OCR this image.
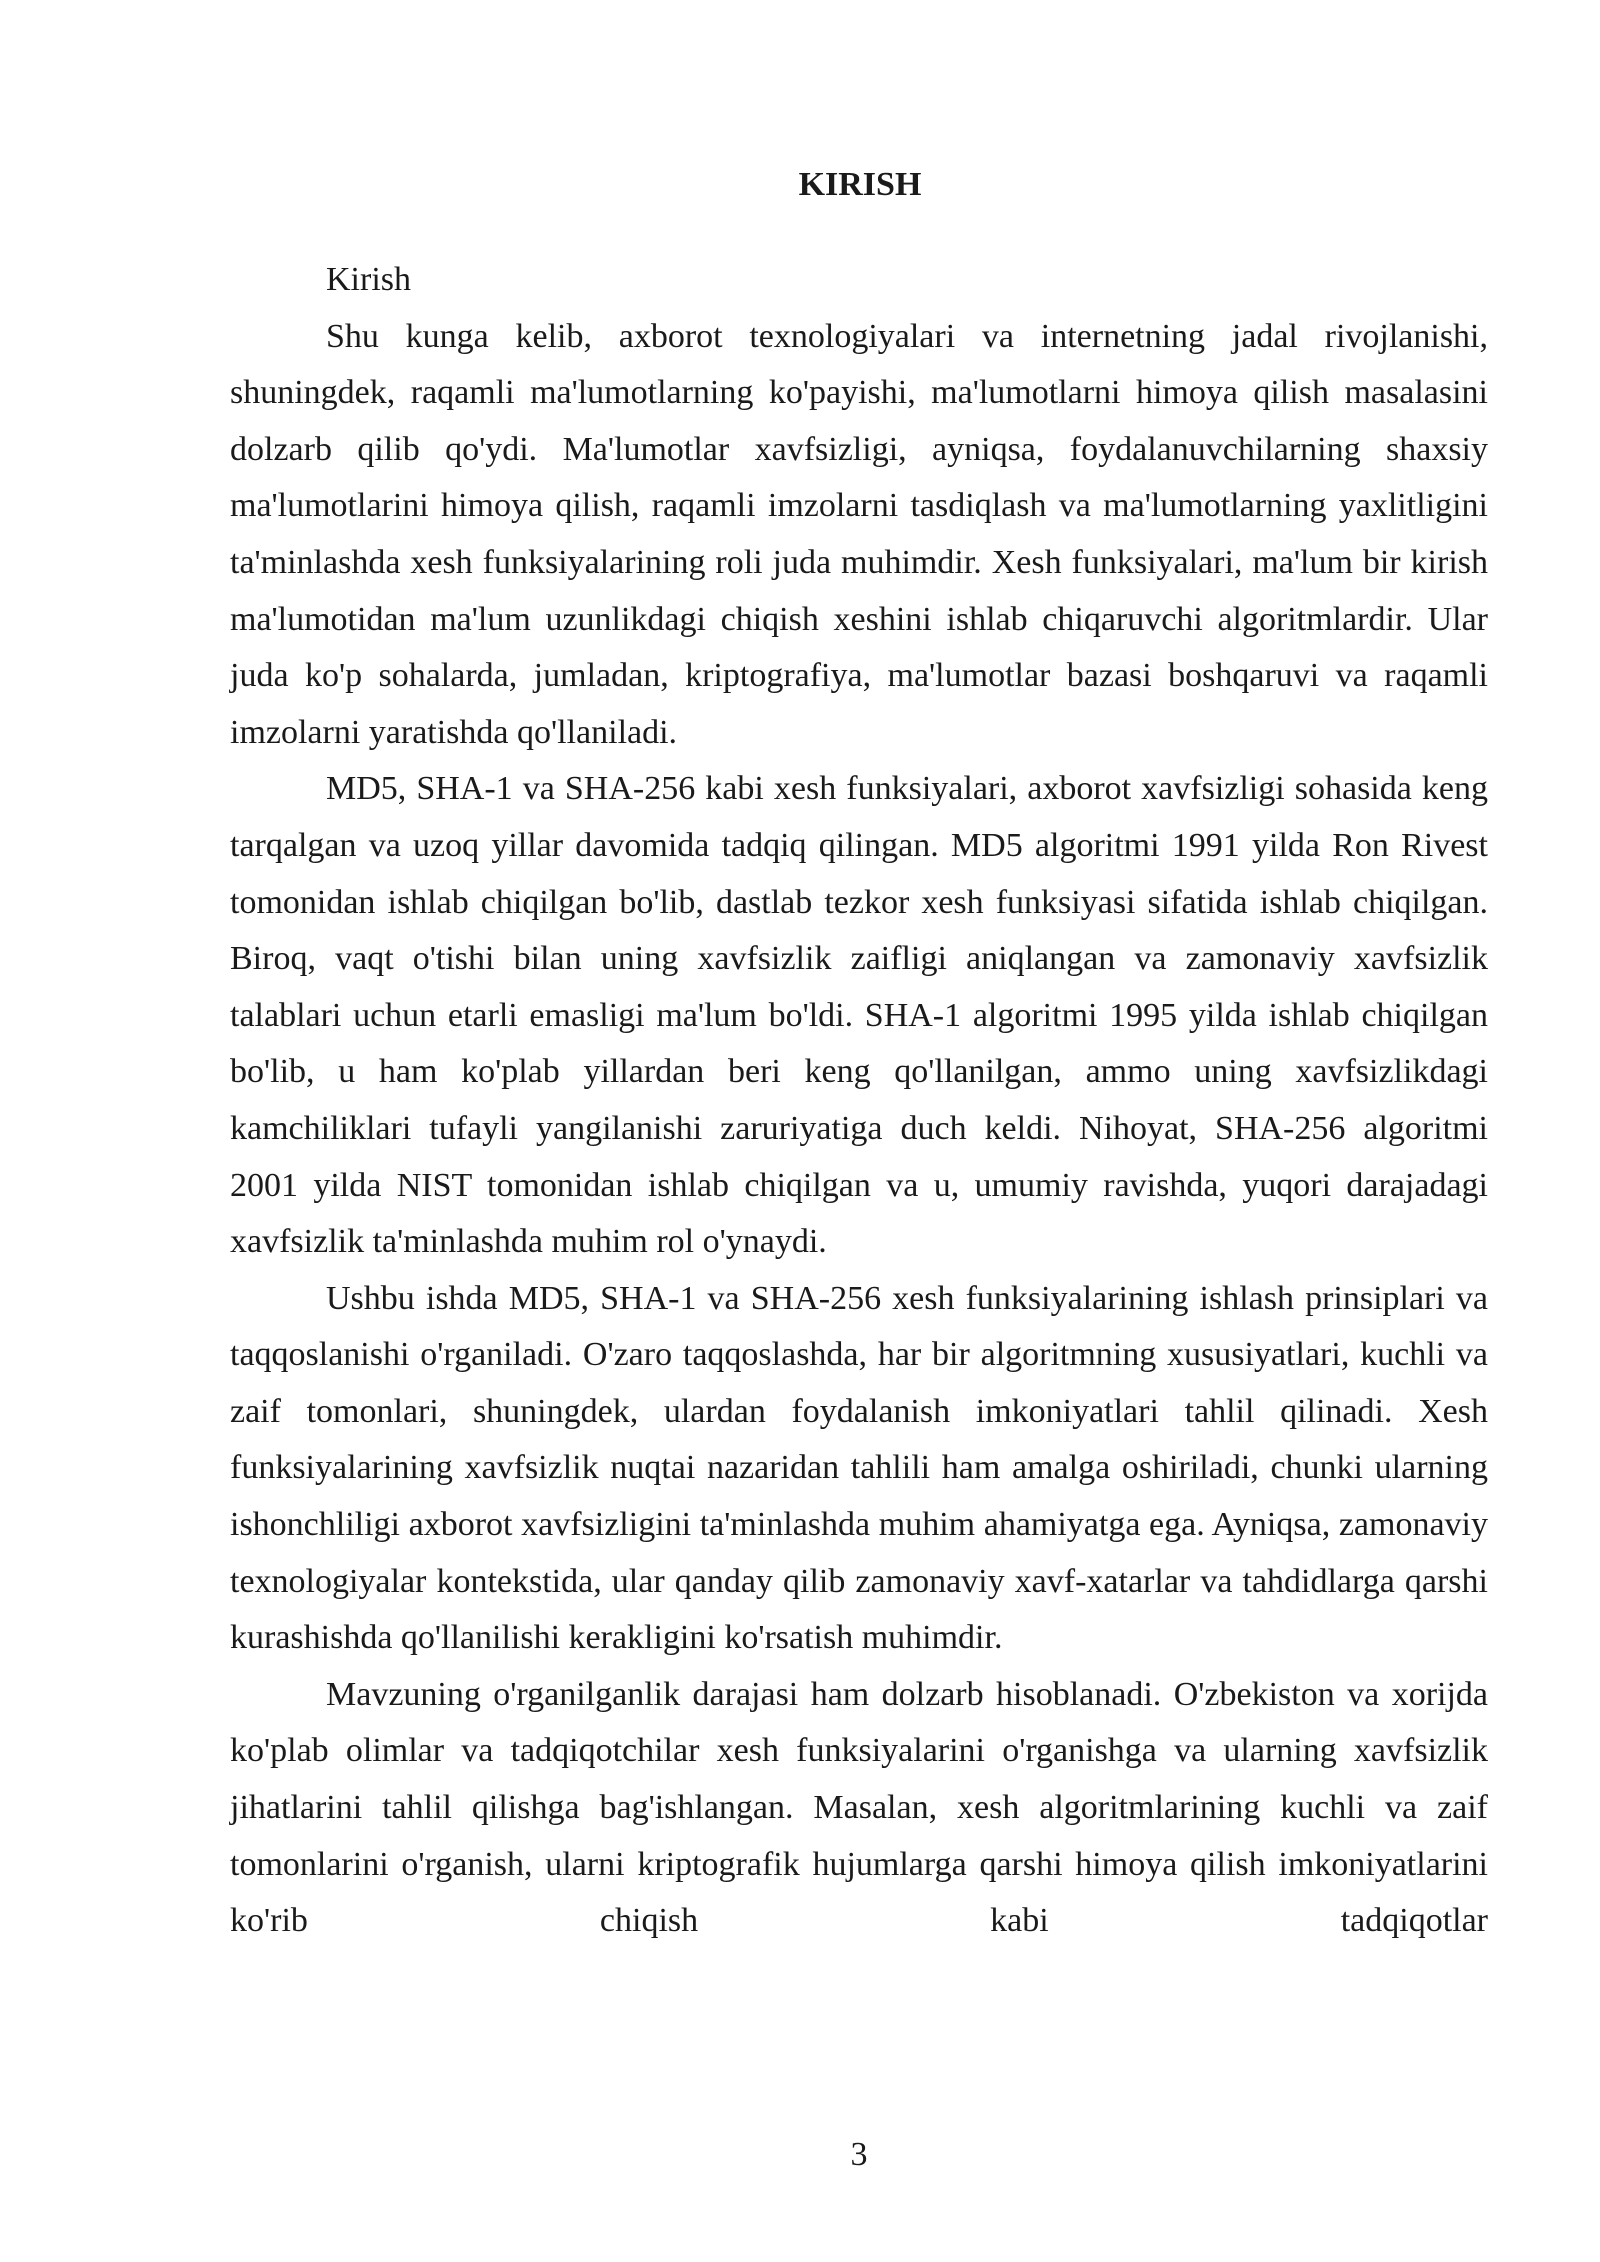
KIRISH

Kirish

Shu kunga kelib, axborot texnologiyalari va internetning jadal rivojlanishi, shuningdek, raqamli ma'lumotlarning ko'payishi, ma'lumotlarni himoya qilish masalasini dolzarb qilib qo'ydi. Ma'lumotlar xavfsizligi, ayniqsa, foydalanuvchilarning shaxsiy ma'lumotlarini himoya qilish, raqamli imzolarni tasdiqlash va ma'lumotlarning yaxlitligini ta'minlashda xesh funksiyalarining roli juda muhimdir. Xesh funksiyalari, ma'lum bir kirish ma'lumotidan ma'lum uzunlikdagi chiqish xeshini ishlab chiqaruvchi algoritmlardir. Ular juda ko'p sohalarda, jumladan, kriptografiya, ma'lumotlar bazasi boshqaruvi va raqamli imzolarni yaratishda qo'llaniladi.

MD5, SHA-1 va SHA-256 kabi xesh funksiyalari, axborot xavfsizligi sohasida keng tarqalgan va uzoq yillar davomida tadqiq qilingan. MD5 algoritmi 1991 yilda Ron Rivest tomonidan ishlab chiqilgan bo'lib, dastlab tezkor xesh funksiyasi sifatida ishlab chiqilgan. Biroq, vaqt o'tishi bilan uning xavfsizlik zaifligi aniqlangan va zamonaviy xavfsizlik talablari uchun etarli emasligi ma'lum bo'ldi. SHA-1 algoritmi 1995 yilda ishlab chiqilgan bo'lib, u ham ko'plab yillardan beri keng qo'llanilgan, ammo uning xavfsizlikdagi kamchiliklari tufayli yangilanishi zaruriyatiga duch keldi. Nihoyat, SHA-256 algoritmi 2001 yilda NIST tomonidan ishlab chiqilgan va u, umumiy ravishda, yuqori darajadagi xavfsizlik ta'minlashda muhim rol o'ynaydi.

Ushbu ishda MD5, SHA-1 va SHA-256 xesh funksiyalarining ishlash prinsiplari va taqqoslanishi o'rganiladi. O'zaro taqqoslashda, har bir algoritmning xususiyatlari, kuchli va zaif tomonlari, shuningdek, ulardan foydalanish imkoniyatlari tahlil qilinadi. Xesh funksiyalarining xavfsizlik nuqtai nazaridan tahlili ham amalga oshiriladi, chunki ularning ishonchliligi axborot xavfsizligini ta'minlashda muhim ahamiyatga ega. Ayniqsa, zamonaviy texnologiyalar kontekstida, ular qanday qilib zamonaviy xavf-xatarlar va tahdidlarga qarshi kurashishda qo'llanilishi kerakligini ko'rsatish muhimdir.

Mavzuning o'rganilganlik darajasi ham dolzarb hisoblanadi. O'zbekiston va xorijda ko'plab olimlar va tadqiqotchilar xesh funksiyalarini o'rganishga va ularning xavfsizlik jihatlarini tahlil qilishga bag'ishlangan. Masalan, xesh algoritmlarining kuchli va zaif tomonlarini o'rganish, ularni kriptografik hujumlarga qarshi himoya qilish imkoniyatlarini ko'rib chiqish kabi tadqiqotlar

3
